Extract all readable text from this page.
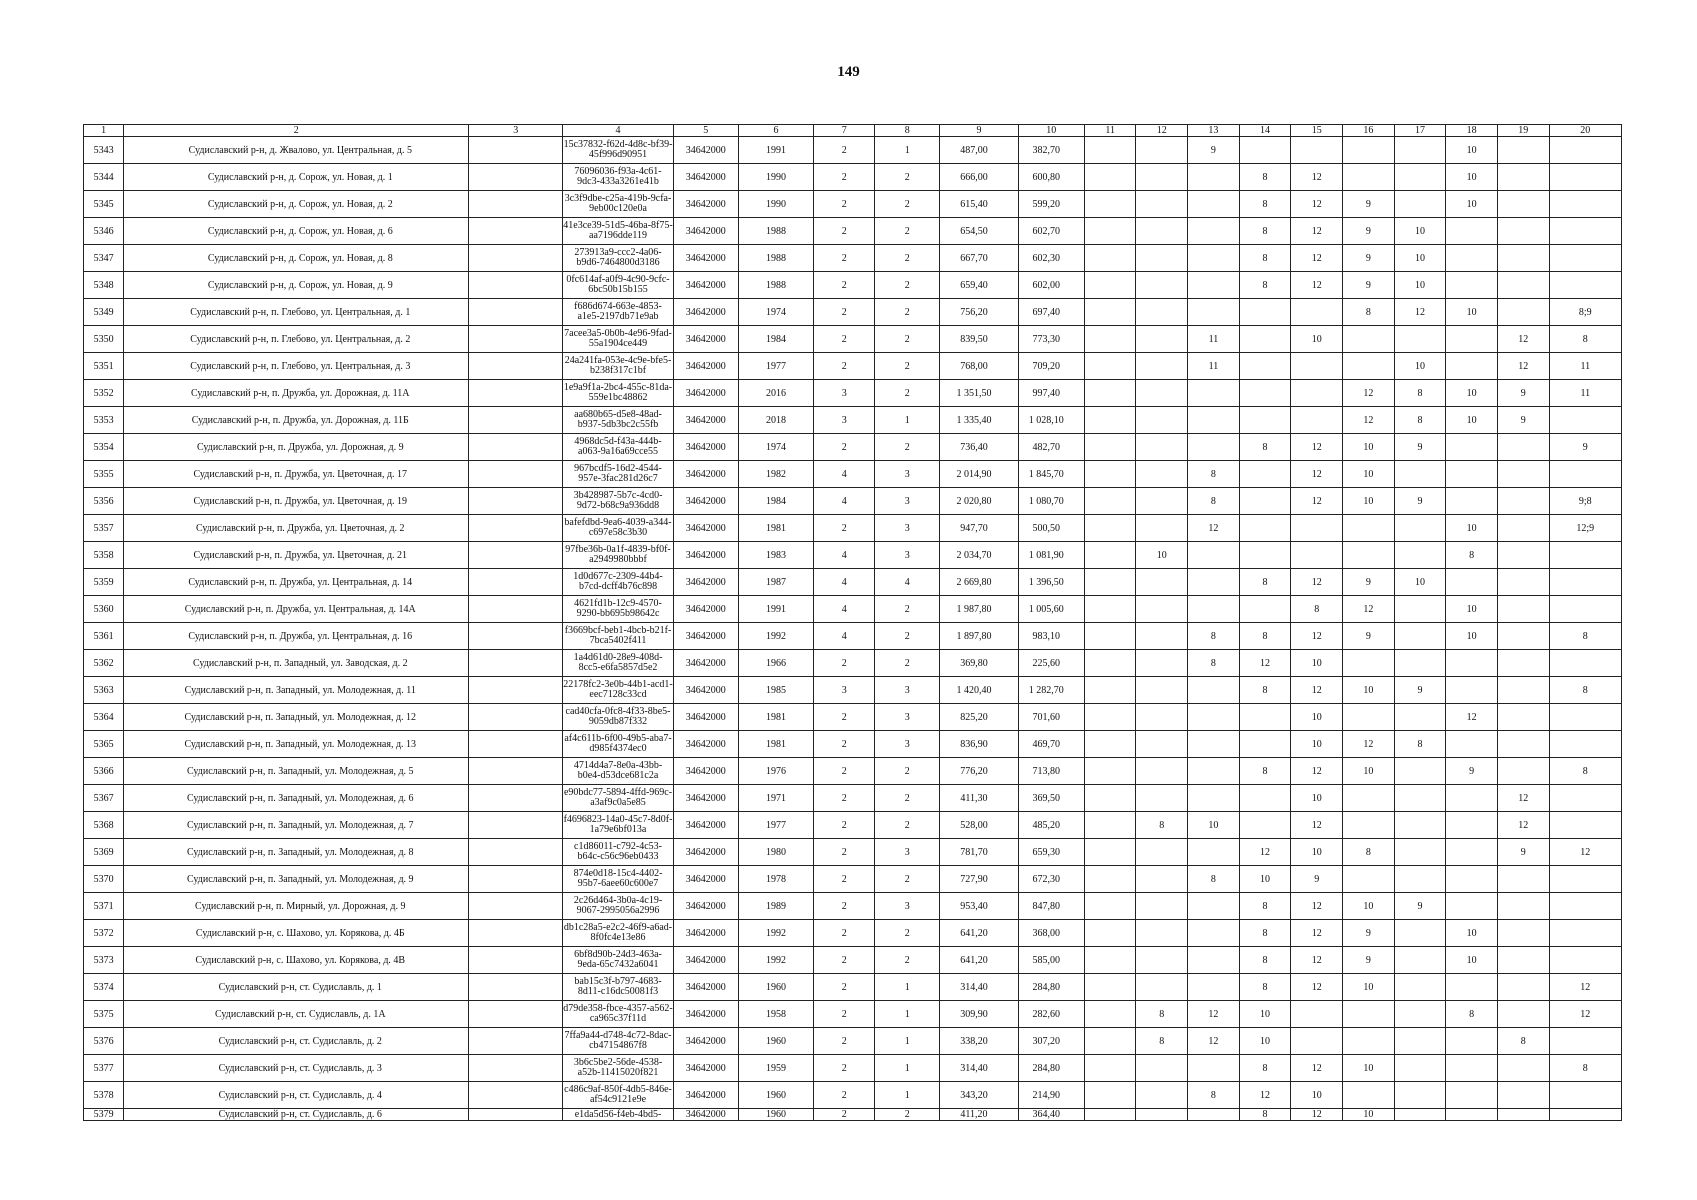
149
1	2	3	4	5	6	7	8	9	10	11	12	13	14	15	16	17	18	19	20
5343	Судиславский р-н, д. Жвалово, ул. Центральная, д. 5		15c37832-f62d-4d8c-bf39-45f996d90951	34642000	1991	2	1	487,00	382,70			9					10		
5344	Судиславский р-н, д. Сорож, ул. Новая, д. 1		76096036-f93a-4c61-9dc3-433a3261e41b	34642000	1990	2	2	666,00	600,80				8	12			10		
5345	Судиславский р-н, д. Сорож, ул. Новая, д. 2		3c3f9dbe-c25a-419b-9cfa-9eb00c120e0a	34642000	1990	2	2	615,40	599,20				8	12	9		10		
5346	Судиславский р-н, д. Сорож, ул. Новая, д. 6		41e3ce39-51d5-46ba-8f75-aa7196dde119	34642000	1988	2	2	654,50	602,70				8	12	9	10			
5347	Судиславский р-н, д. Сорож, ул. Новая, д. 8		273913a9-ccc2-4a06-b9d6-7464800d3186	34642000	1988	2	2	667,70	602,30				8	12	9	10			
5348	Судиславский р-н, д. Сорож, ул. Новая, д. 9		0fc614af-a0f9-4c90-9cfc-6bc50b15b155	34642000	1988	2	2	659,40	602,00				8	12	9	10			
5349	Судиславский р-н, п. Глебово, ул. Центральная, д. 1		f686d674-663e-4853-a1e5-2197db71e9ab	34642000	1974	2	2	756,20	697,40						8	12	10		8;9
5350	Судиславский р-н, п. Глебово, ул. Центральная, д. 2		7acee3a5-0b0b-4e96-9fad-55a1904ce449	34642000	1984	2	2	839,50	773,30			11		10				12	8
5351	Судиславский р-н, п. Глебово, ул. Центральная, д. 3		24a241fa-053e-4c9e-bfe5-b238f317c1bf	34642000	1977	2	2	768,00	709,20			11				10		12	11
5352	Судиславский р-н, п. Дружба, ул. Дорожная, д. 11А		1e9a9f1a-2bc4-455c-81da-559e1bc48862	34642000	2016	3	2	1 351,50	997,40						12	8	10	9	11
5353	Судиславский р-н, п. Дружба, ул. Дорожная, д. 11Б		aa680b65-d5e8-48ad-b937-5db3bc2c55fb	34642000	2018	3	1	1 335,40	1 028,10						12	8	10	9	
5354	Судиславский р-н, п. Дружба, ул. Дорожная, д. 9		4968dc5d-f43a-444b-a063-9a16a69cce55	34642000	1974	2	2	736,40	482,70				8	12	10	9			9
5355	Судиславский р-н, п. Дружба, ул. Цветочная, д. 17		967bcdf5-16d2-4544-957e-3fac281d26c7	34642000	1982	4	3	2 014,90	1 845,70			8		12	10				
5356	Судиславский р-н, п. Дружба, ул. Цветочная, д. 19		3b428987-5b7c-4cd0-9d72-b68c9a936dd8	34642000	1984	4	3	2 020,80	1 080,70			8		12	10	9			9;8
5357	Судиславский р-н, п. Дружба, ул. Цветочная, д. 2		bafefdbd-9ea6-4039-a344-c697e58c3b30	34642000	1981	2	3	947,70	500,50			12					10		12;9
5358	Судиславский р-н, п. Дружба, ул. Цветочная, д. 21		97fbe36b-0a1f-4839-bf0f-a2949980bbbf	34642000	1983	4	3	2 034,70	1 081,90		10						8		
5359	Судиславский р-н, п. Дружба, ул. Центральная, д. 14		1d0d677c-2309-44b4-b7cd-dcff4b76c898	34642000	1987	4	4	2 669,80	1 396,50				8	12	9	10			
5360	Судиславский р-н, п. Дружба, ул. Центральная, д. 14А		4621fd1b-12c9-4570-9290-bb695b98642c	34642000	1991	4	2	1 987,80	1 005,60					8	12		10		
5361	Судиславский р-н, п. Дружба, ул. Центральная, д. 16		f3669bcf-beb1-4bcb-b21f-7bca5402f411	34642000	1992	4	2	1 897,80	983,10			8	8	12	9		10		8
5362	Судиславский р-н, п. Западный, ул. Заводская, д. 2		1a4d61d0-28e9-408d-8cc5-e6fa5857d5e2	34642000	1966	2	2	369,80	225,60			8	12	10					
5363	Судиславский р-н, п. Западный, ул. Молодежная, д. 11		22178fc2-3e0b-44b1-acd1-eec7128c33cd	34642000	1985	3	3	1 420,40	1 282,70				8	12	10	9			8
5364	Судиславский р-н, п. Западный, ул. Молодежная, д. 12		cad40cfa-0fc8-4f33-8be5-9059db87f332	34642000	1981	2	3	825,20	701,60					10			12		
5365	Судиславский р-н, п. Западный, ул. Молодежная, д. 13		af4c611b-6f00-49b5-aba7-d985f4374ec0	34642000	1981	2	3	836,90	469,70					10	12	8			
5366	Судиславский р-н, п. Западный, ул. Молодежная, д. 5		4714d4a7-8e0a-43bb-b0e4-d53dce681c2a	34642000	1976	2	2	776,20	713,80				8	12	10		9		8
5367	Судиславский р-н, п. Западный, ул. Молодежная, д. 6		e90bdc77-5894-4ffd-969c-a3af9c0a5e85	34642000	1971	2	2	411,30	369,50					10				12	
5368	Судиславский р-н, п. Западный, ул. Молодежная, д. 7		f4696823-14a0-45c7-8d0f-1a79e6bf013a	34642000	1977	2	2	528,00	485,20		8	10		12				12	
5369	Судиславский р-н, п. Западный, ул. Молодежная, д. 8		c1d86011-c792-4c53-b64c-c56c96eb0433	34642000	1980	2	3	781,70	659,30				12	10	8			9	12
5370	Судиславский р-н, п. Западный, ул. Молодежная, д. 9		874e0d18-15c4-4402-95b7-6aee60c600e7	34642000	1978	2	2	727,90	672,30			8	10	9					
5371	Судиславский р-н, п. Мирный, ул. Дорожная, д. 9		2c26d464-3b0a-4c19-9067-2995056a2996	34642000	1989	2	3	953,40	847,80				8	12	10	9			
5372	Судиславский р-н, с. Шахово, ул. Корякова, д. 4Б		db1c28a5-e2c2-46f9-a6ad-8f0fc4e13e86	34642000	1992	2	2	641,20	368,00				8	12	9		10		
5373	Судиславский р-н, с. Шахово, ул. Корякова, д. 4В		6bf8d90b-24d3-463a-9eda-65c7432a6041	34642000	1992	2	2	641,20	585,00				8	12	9		10		
5374	Судиславский р-н, ст. Судиславль, д. 1		bab15c3f-b797-4683-8d11-c16dc50081f3	34642000	1960	2	1	314,40	284,80				8	12	10				12
5375	Судиславский р-н, ст. Судиславль, д. 1А		d79de358-fbce-4357-a562-ca965c37f11d	34642000	1958	2	1	309,90	282,60		8	12	10				8		12
5376	Судиславский р-н, ст. Судиславль, д. 2		7ffa9a44-d748-4c72-8dac-cb47154867f8	34642000	1960	2	1	338,20	307,20		8	12	10					8	
5377	Судиславский р-н, ст. Судиславль, д. 3		3b6c5be2-56de-4538-a52b-11415020f821	34642000	1959	2	1	314,40	284,80				8	12	10				8
5378	Судиславский р-н, ст. Судиславль, д. 4		c486c9af-850f-4db5-846e-af54c9121e9e	34642000	1960	2	1	343,20	214,90			8	12	10					
5379	Судиславский р-н, ст. Судиславль, д. 6		e1da5d56-f4eb-4bd5-	34642000	1960	2	2	411,20	364,40				8	12	10				
